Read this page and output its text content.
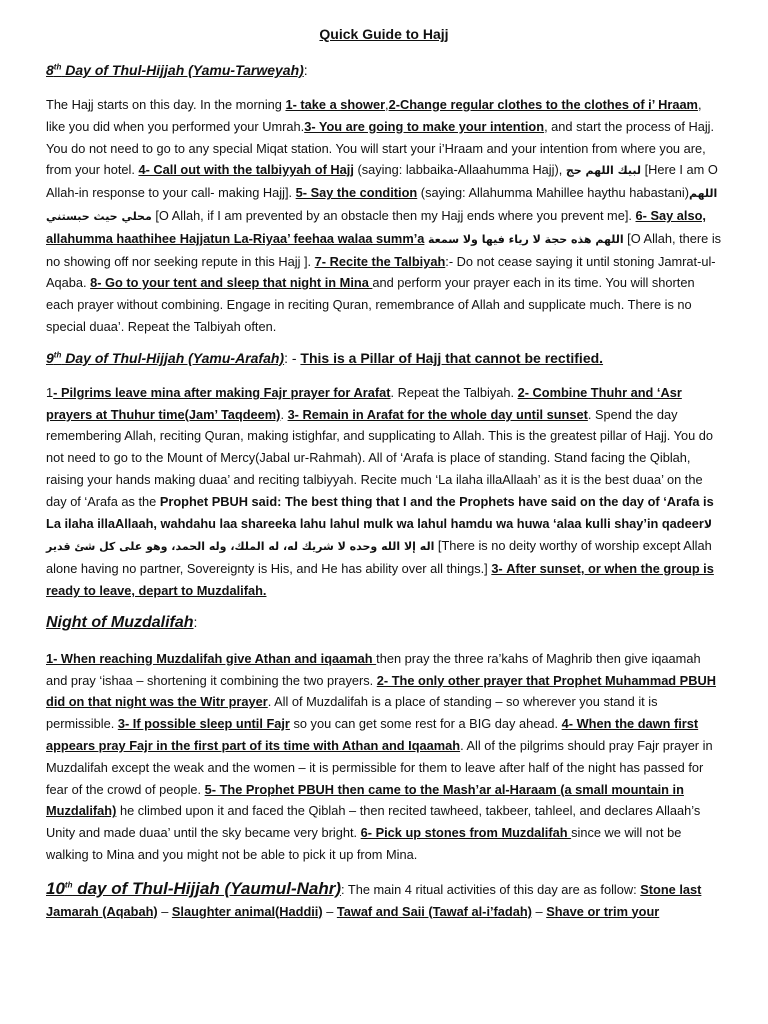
Quick Guide to Hajj
8th Day of Thul-Hijjah (Yamu-Tarweyah):

The Hajj starts on this day. In the morning 1- take a shower,2-Change regular clothes to the clothes of i’ Hraam, like you did when you performed your Umrah.3- You are going to make your intention, and start the process of Hajj. You do not need to go to any special Miqat station. You will start your i’Hraam and your intention from where you are, from your hotel. 4- Call out with the talbiyyah of Hajj (saying: labbaika-Allaahumma Hajj), لبيك اللهم حج [Here I am O Allah-in response to your call- making Hajj]. 5- Say the condition (saying: Allahumma Mahillee haythu habastani)اللهم محلي حيث حبستني [O Allah, if I am prevented by an obstacle then my Hajj ends where you prevent me]. 6- Say also, allahumma haathihee Hajjatun La-Riyaa’ feehaa walaa summ’a اللهم هذه حجة لا رياء فيها ولا سمعة [O Allah, there is no showing off nor seeking repute in this Hajj ]. 7- Recite the Talbiyah:- Do not cease saying it until stoning Jamrat-ul-Aqaba. 8- Go to your tent and sleep that night in Mina and perform your prayer each in its time. You will shorten each prayer without combining. Engage in reciting Quran, remembrance of Allah and supplicate much. There is no special duaa’. Repeat the Talbiyah often.

9th Day of Thul-Hijjah (Yamu-Arafah): - This is a Pillar of Hajj that cannot be rectified.

1- Pilgrims leave mina after making Fajr prayer for Arafat. Repeat the Talbiyah. 2- Combine Thuhr and ‘Asr prayers at Thuhur time(Jam’ Taqdeem). 3- Remain in Arafat for the whole day until sunset. Spend the day remembering Allah, reciting Quran, making istighfar, and supplicating to Allah. This is the greatest pillar of Hajj. You do not need to go to the Mount of Mercy(Jabal ur-Rahmah). All of ‘Arafa is place of standing. Stand facing the Qiblah, raising your hands making duaa’ and reciting talbiyyah. Recite much ‘La ilaha illaAllaah’ as it is the best duaa’ on the day of ‘Arafa as the Prophet PBUH said: The best thing that I and the Prophets have said on the day of ‘Arafa is La ilaha illaAllaah, wahdahu laa shareeka lahu lahul mulk wa lahul hamdu wa huwa ‘alaa kulli shay’in qadeerلا اله إلا الله وحده لا شريك له، له الملك، وله الحمد، وهو على كل شئ قدير [There is no deity worthy of worship except Allah alone having no partner, Sovereignty is His, and He has ability over all things.] 3- After sunset, or when the group is ready to leave, depart to Muzdalifah.

Night of Muzdalifah:

1- When reaching Muzdalifah give Athan and iqaamah then pray the three ra’kahs of Maghrib then give iqaamah and pray ‘ishaa – shortening it combining the two prayers. 2- The only other prayer that Prophet Muhammad PBUH did on that night was the Witr prayer. All of Muzdalifah is a place of standing – so wherever you stand it is permissible. 3- If possible sleep until Fajr so you can get some rest for a BIG day ahead. 4- When the dawn first appears pray Fajr in the first part of its time with Athan and Iqaamah. All of the pilgrims should pray Fajr prayer in Muzdalifah except the weak and the women – it is permissible for them to leave after half of the night has passed for fear of the crowd of people. 5- The Prophet PBUH then came to the Mash’ar al-Haraam (a small mountain in Muzdalifah) he climbed upon it and faced the Qiblah – then recited tawheed, takbeer, tahleel, and declares Allaah’s Unity and made duaa’ until the sky became very bright. 6- Pick up stones from Muzdalifah since we will not be walking to Mina and you might not be able to pick it up from Mina.

10th day of Thul-Hijjah (Yaumul-Nahr): The main 4 ritual activities of this day are as follow: Stone last Jamarah (Aqabah) – Slaughter animal(Haddii) – Tawaf and Saii (Tawaf al-i’fadah) – Shave or trim your
